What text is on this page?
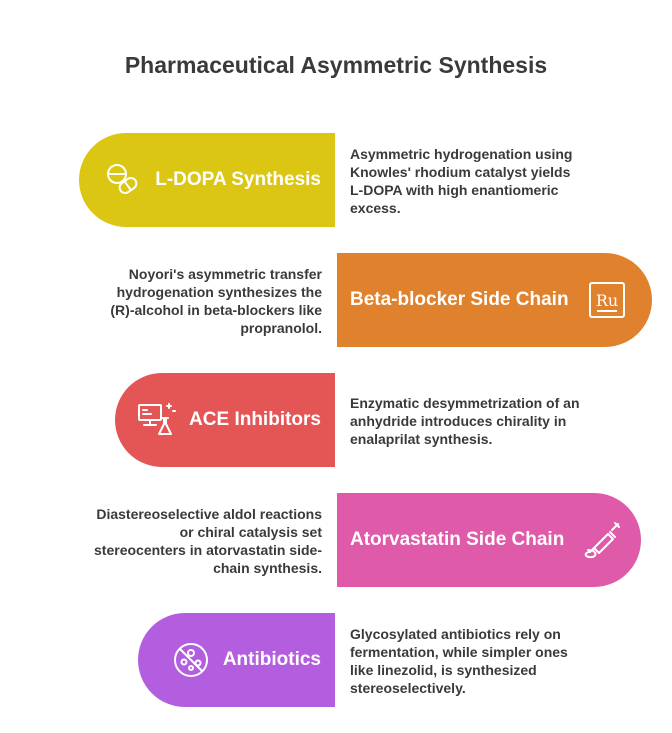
Pharmaceutical Asymmetric Synthesis
L-DOPA Synthesis
Asymmetric hydrogenation using Knowles' rhodium catalyst yields L-DOPA with high enantiomeric excess.
Beta-blocker Side Chain Ru
Noyori's asymmetric transfer hydrogenation synthesizes the (R)-alcohol in beta-blockers like propranolol.
ACE Inhibitors
Enzymatic desymmetrization of an anhydride introduces chirality in enalaprilat synthesis.
Atorvastatin Side Chain
Diastereoselective aldol reactions or chiral catalysis set stereocenters in atorvastatin side-chain synthesis.
Antibiotics
Glycosylated antibiotics rely on fermentation, while simpler ones like linezolid, is synthesized stereoselectively.
